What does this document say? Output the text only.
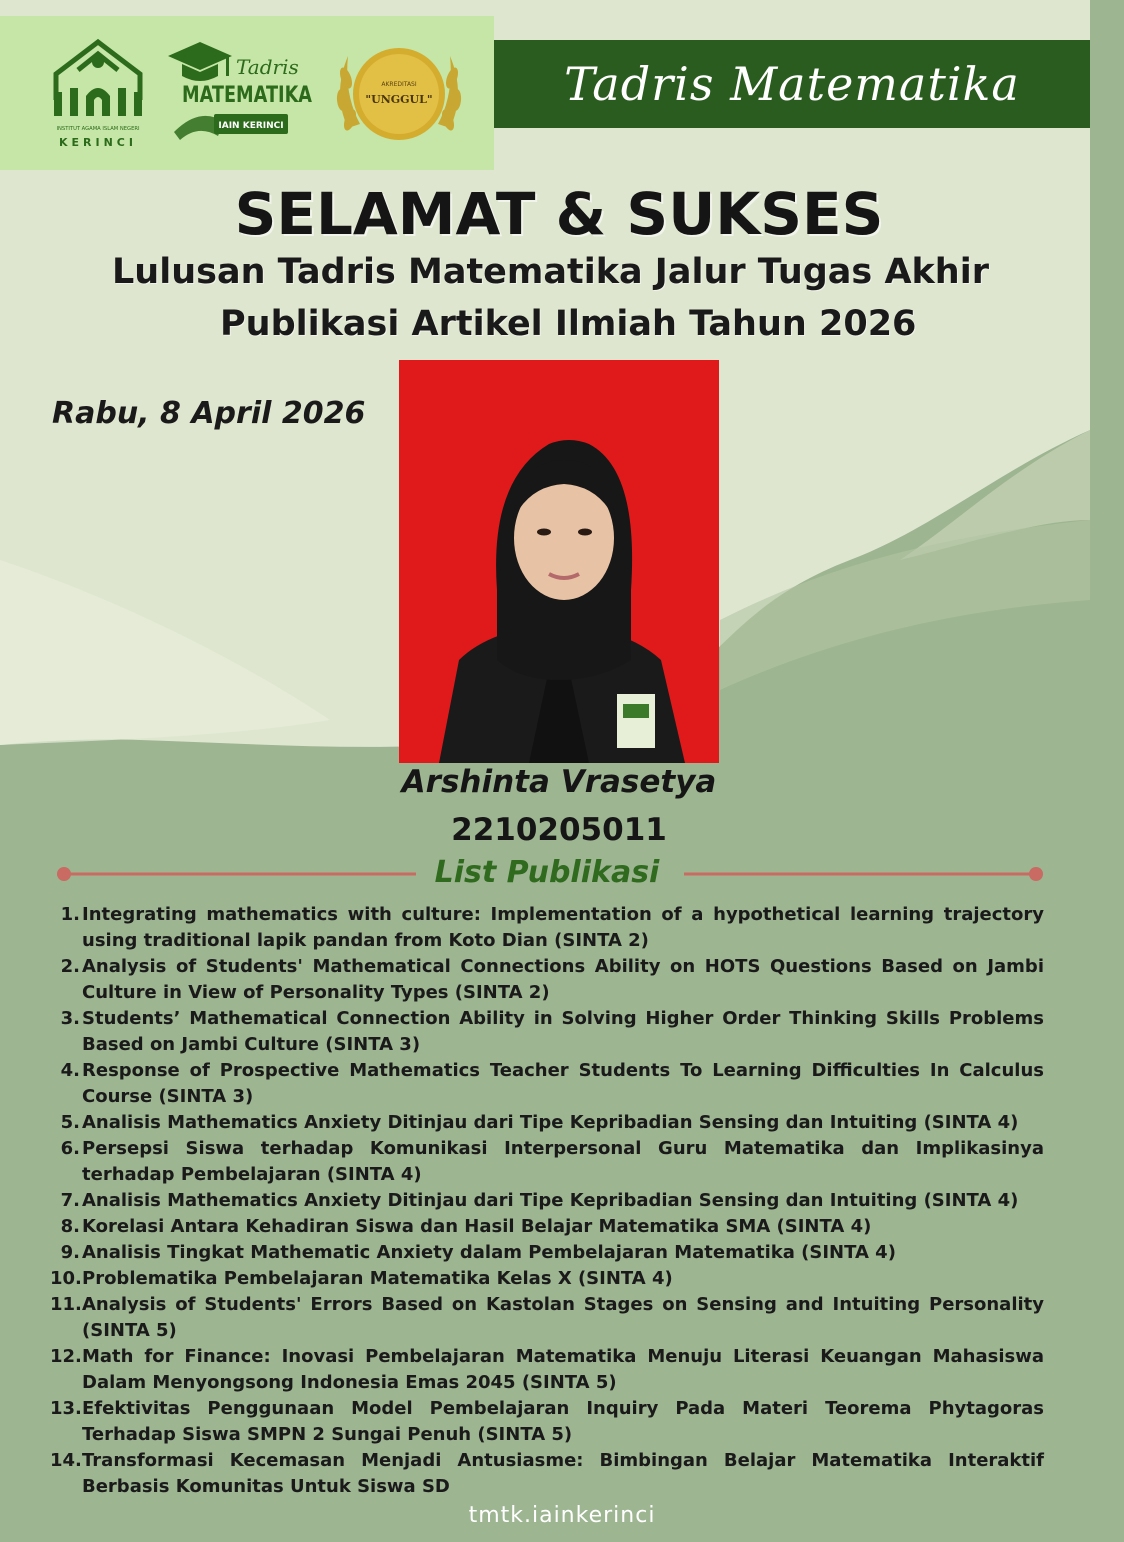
INSTITUT AGAMA ISLAM NEGERI
KERINCI
Tadris
MATEMATIKA
IAIN KERINCI
AKREDITASI
"UNGGUL"	Tadris Matematika
SELAMAT & SUKSES
Lulusan Tadris Matematika Jalur Tugas Akhir
Publikasi Artikel Ilmiah Tahun 2026
Rabu, 8 April 2026
Arshinta Vrasetya
2210205011
List Publikasi
1. Integrating mathematics with culture: Implementation of a hypothetical learning trajectory using traditional lapik pandan from Koto Dian (SINTA 2)
2. Analysis of Students' Mathematical Connections Ability on HOTS Questions Based on Jambi Culture in View of Personality Types (SINTA 2)
3. Students’ Mathematical Connection Ability in Solving Higher Order Thinking Skills Problems Based on Jambi Culture (SINTA 3)
4. Response of Prospective Mathematics Teacher Students To Learning Difficulties In Calculus Course (SINTA 3)
5. Analisis Mathematics Anxiety Ditinjau dari Tipe Kepribadian Sensing dan Intuiting (SINTA 4)
6. Persepsi Siswa terhadap Komunikasi Interpersonal Guru Matematika dan Implikasinya terhadap Pembelajaran (SINTA 4)
7. Analisis Mathematics Anxiety Ditinjau dari Tipe Kepribadian Sensing dan Intuiting (SINTA 4)
8. Korelasi Antara Kehadiran Siswa dan Hasil Belajar Matematika SMA (SINTA 4)
9. Analisis Tingkat Mathematic Anxiety dalam Pembelajaran Matematika (SINTA 4)
10. Problematika Pembelajaran Matematika Kelas X (SINTA 4)
11. Analysis of Students' Errors Based on Kastolan Stages on Sensing and Intuiting Personality (SINTA 5)
12. Math for Finance: Inovasi Pembelajaran Matematika Menuju Literasi Keuangan Mahasiswa Dalam Menyongsong Indonesia Emas 2045 (SINTA 5)
13. Efektivitas Penggunaan Model Pembelajaran Inquiry Pada Materi Teorema Phytagoras Terhadap Siswa SMPN 2 Sungai Penuh (SINTA 5)
14. Transformasi Kecemasan Menjadi Antusiasme: Bimbingan Belajar Matematika Interaktif Berbasis Komunitas Untuk Siswa SD
tmtk.iainkerinci
